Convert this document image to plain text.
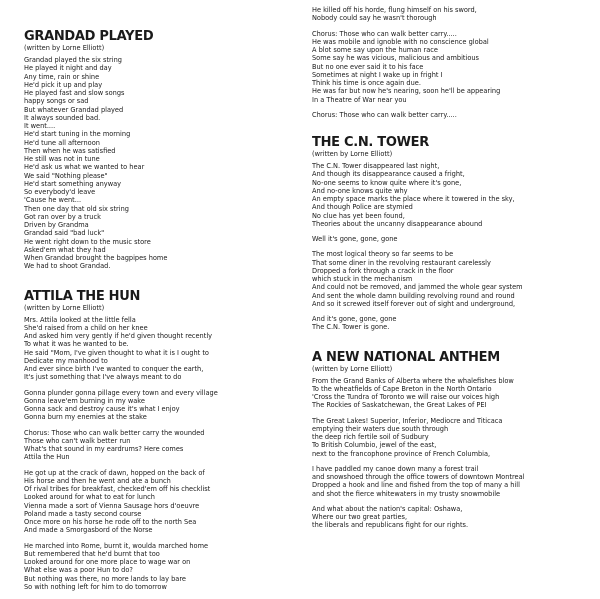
GRANDAD PLAYED

(written by Lorne Elliott)

Grandad played the six string
He played it night and day
Any time, rain or shine
He'd pick it up and play
He played fast and slow songs
happy songs or sad
But whatever Grandad played
It always sounded bad.
It went....
He'd start tuning in the morning
He'd tune all afternoon
Then when he was satisfied
He still was not in tune
He'd ask us what we wanted to hear
We said "Nothing please"
He'd start something anyway
So everybody'd leave
'Cause he went...
Then one day that old six string
Got ran over by a truck
Driven by Grandma
Grandad said "bad luck"
He went right down to the music store
Asked'em what they had
When Grandad brought the bagpipes home
We had to shoot Grandad.
ATTILA THE HUN

(written by Lorne Elliott)

Mrs. Attila looked at the little fella
She'd raised from a child on her knee
And asked him very gently if he'd given thought recently
To what it was he wanted to be.
He said "Mom, I've given thought to what it is I ought to
Dedicate my manhood to
And ever since birth I've wanted to conquer the earth,
It's just something that I've always meant to do
Gonna plunder gonna pillage every town and every village
Gonna leave'em burning in my wake
Gonna sack and destroy cause it's what I enjoy
Gonna burn my enemies at the stake
Chorus: Those who can walk better carry the wounded
Those who can't walk better run
What's that sound in my eardrums? Here comes
Attila the Hun
He got up at the crack of dawn, hopped on the back of
His horse and then he went and ate a bunch
Of rival tribes for breakfast, checked'em off his checklist
Looked around for what to eat for lunch
Vienna made a sort of Vienna Sausage hors d'oeuvre
Poland made a tasty second course
Once more on his horse he rode off to the north Sea
And made a Smorgasbord of the Norse
He marched into Rome, burnt it, woulda marched home
But remembered that he'd burnt that too
Looked around for one more place to wage war on
What else was a poor Hun to do?
But nothing was there, no more lands to lay bare
So with nothing left for him to do tomorrow
He killed off his horde, flung himself on his sword,
Nobody could say he wasn't thorough
Chorus: Those who can walk better carry.....
He was mobile and ignoble with no conscience global
A blot some say upon the human race
Some say he was vicious, malicious and ambitious
But no one ever said it to his face
Sometimes at night I wake up in fright I
Think his time is once again due.
He was far but now he's nearing, soon he'll be appearing
In a Theatre of War near you
Chorus: Those who can walk better carry.....
THE C.N. TOWER

(written by Lorne Elliott)

The C.N. Tower disappeared last night,
And though its disappearance caused a fright,
No-one seems to know quite where it's gone,
And no-one knows quite why
An empty space marks the place where it towered in the sky,
And though Police are stymied
No clue has yet been found,
Theories about the uncanny disappearance abound
Well it's gone, gone, gone
The most logical theory so far seems to be
That some diner in the revolving restaurant carelessly
Dropped a fork through a crack in the floor
which stuck in the mechanism
And could not be removed, and jammed the whole gear system
And sent the whole damn building revolving round and round
And so it screwed itself forever out of sight and underground,
And it's gone, gone, gone
The C.N. Tower is gone.
A NEW NATIONAL ANTHEM

(written by Lorne Elliott)

From the Grand Banks of Alberta where the whalefishes blow
To the wheatfields of Cape Breton in the North Ontario
'Cross the Tundra of Toronto we will raise our voices high
The Rockies of Saskatchewan, the Great Lakes of PEI
The Great Lakes! Superior, Inferior, Mediocre and Titicaca
emptying their waters due south through
the deep rich fertile soil of Sudbury
To British Columbio, jewel of the east,
next to the francophone province of French Columbia,
I have paddled my canoe down many a forest trail
and snowshoed through the office towers of downtown Montreal
Dropped a hook and line and fished from the top of many a hill
and shot the fierce whitewaters in my trusty snowmobile
And what about the nation's capital: Oshawa,
Where our two great parties,
the liberals and republicans fight for our rights.
